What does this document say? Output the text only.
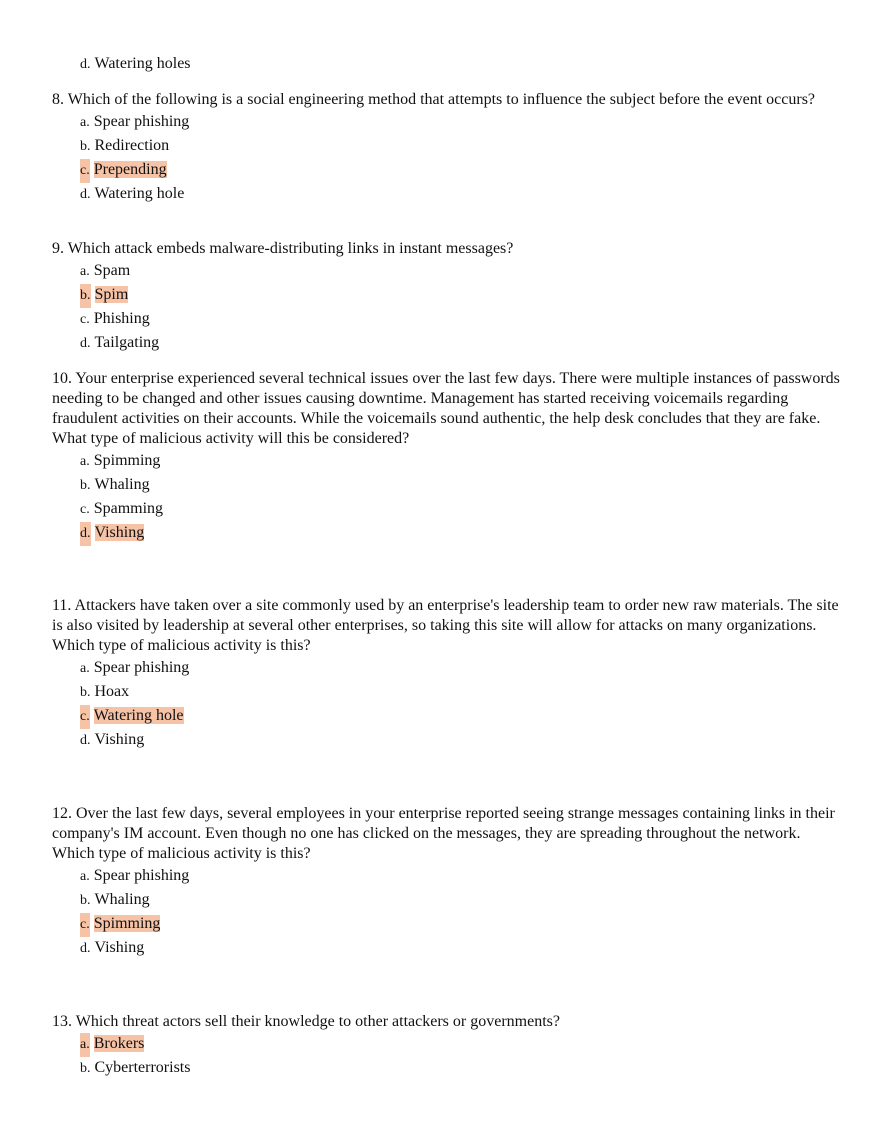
d. Watering holes

8. Which of the following is a social engineering method that attempts to influence the subject before the event occurs?

a. Spear phishing
b. Redirection
c. Prepending
d. Watering hole

9. Which attack embeds malware-distributing links in instant messages?

a. Spam
b. Spim
c. Phishing
d. Tailgating

10. Your enterprise experienced several technical issues over the last few days. There were multiple instances of passwords needing to be changed and other issues causing downtime. Management has started receiving voicemails regarding fraudulent activities on their accounts. While the voicemails sound authentic, the help desk concludes that they are fake.

What type of malicious activity will this be considered?

a. Spimming
b. Whaling
c. Spamming
d. Vishing

11. Attackers have taken over a site commonly used by an enterprise's leadership team to order new raw materials. The site is also visited by leadership at several other enterprises, so taking this site will allow for attacks on many organizations.

Which type of malicious activity is this?

a. Spear phishing
b. Hoax
c. Watering hole
d. Vishing

12. Over the last few days, several employees in your enterprise reported seeing strange messages containing links in their company's IM account. Even though no one has clicked on the messages, they are spreading throughout the network.

Which type of malicious activity is this?

a. Spear phishing
b. Whaling
c. Spimming
d. Vishing

13. Which threat actors sell their knowledge to other attackers or governments?

a. Brokers
b. Cyberterrorists
